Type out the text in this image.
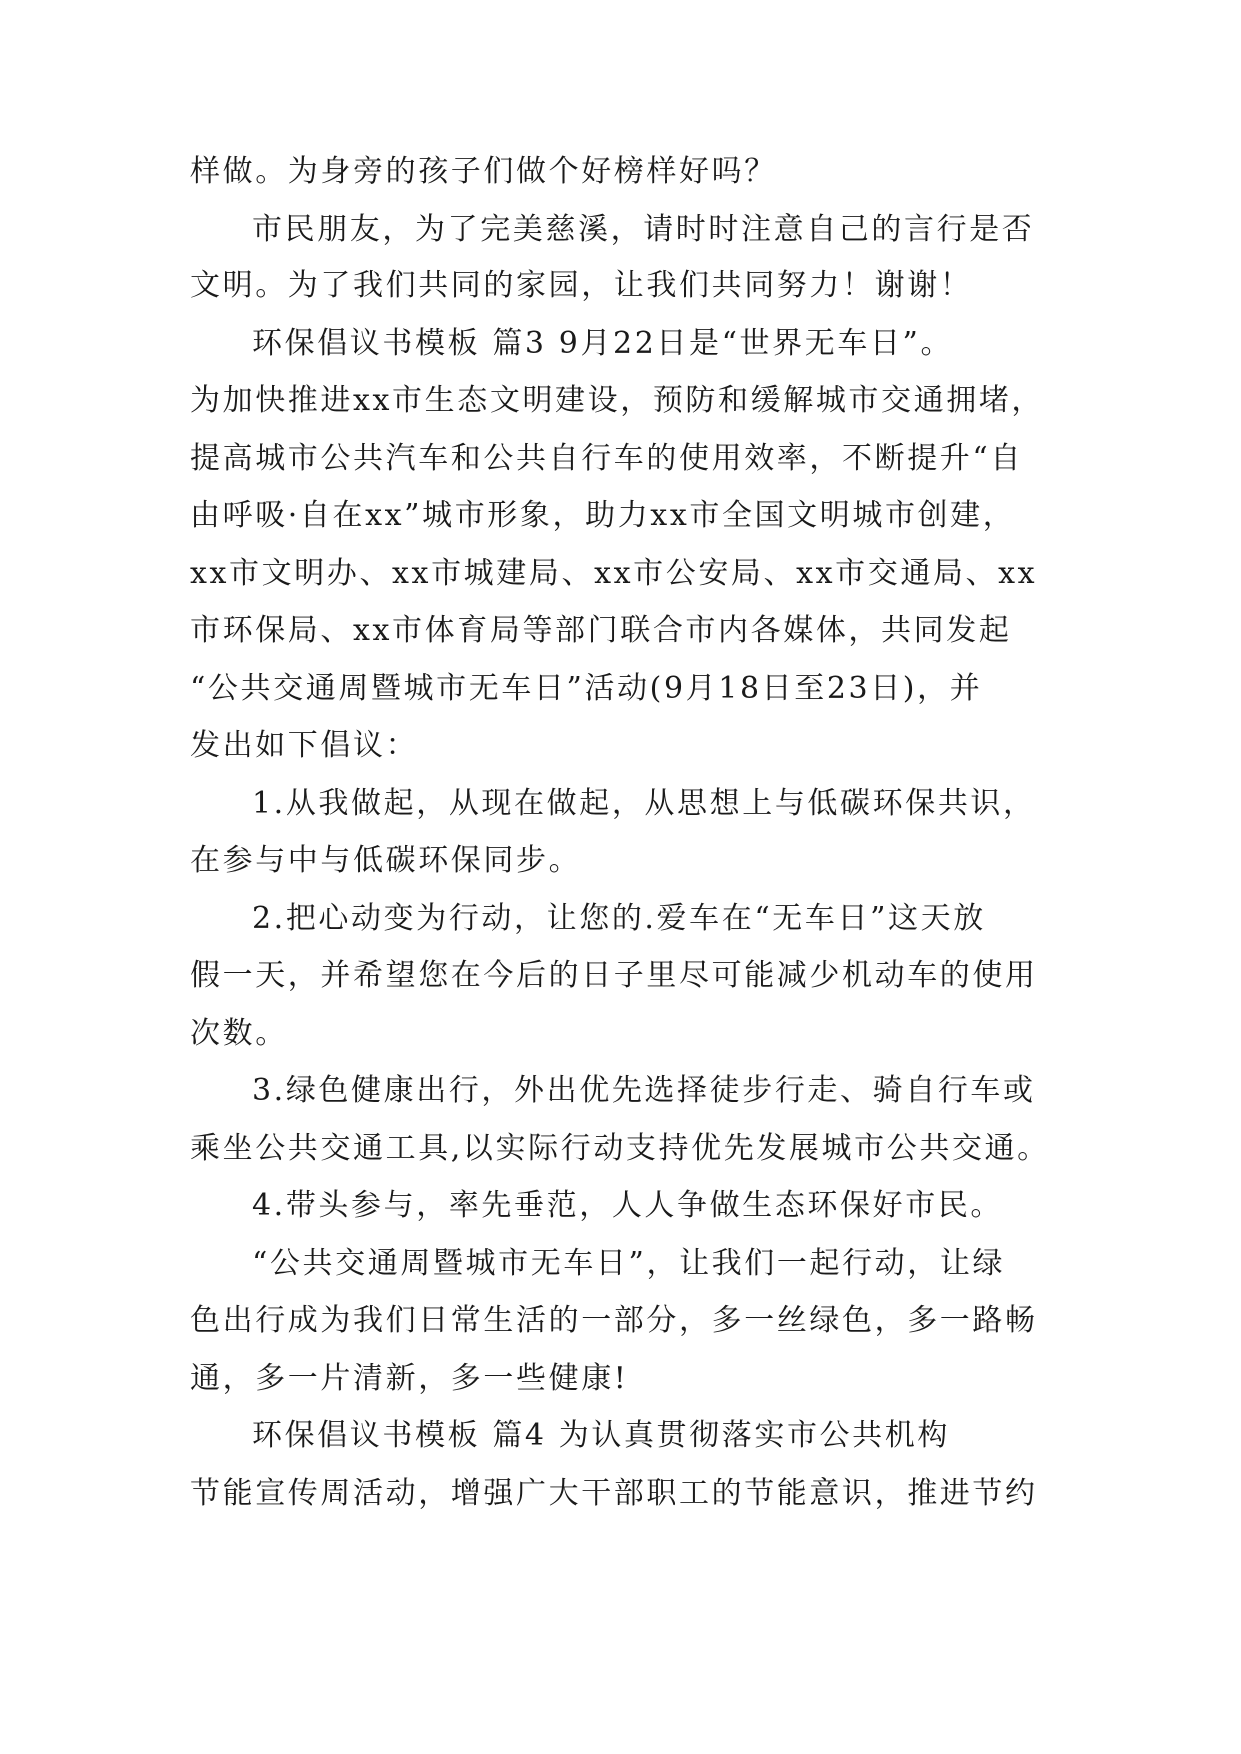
样做。为身旁的孩子们做个好榜样好吗？
市民朋友，为了完美慈溪，请时时注意自己的言行是否
文明。为了我们共同的家园，让我们共同努力！谢谢！
环保倡议书模板 篇3 9月22日是“世界无车日”。
为加快推进xx市生态文明建设，预防和缓解城市交通拥堵，
提高城市公共汽车和公共自行车的使用效率，不断提升“自
由呼吸·自在xx”城市形象，助力xx市全国文明城市创建，
xx市文明办、xx市城建局、xx市公安局、xx市交通局、xx
市环保局、xx市体育局等部门联合市内各媒体，共同发起
“公共交通周暨城市无车日”活动(9月18日至23日)，并
发出如下倡议：
1.从我做起，从现在做起，从思想上与低碳环保共识，
在参与中与低碳环保同步。
2.把心动变为行动，让您的.爱车在“无车日”这天放
假一天，并希望您在今后的日子里尽可能减少机动车的使用
次数。
3.绿色健康出行，外出优先选择徒步行走、骑自行车或
乘坐公共交通工具,以实际行动支持优先发展城市公共交通。
4.带头参与，率先垂范，人人争做生态环保好市民。
“公共交通周暨城市无车日”，让我们一起行动，让绿
色出行成为我们日常生活的一部分，多一丝绿色，多一路畅
通，多一片清新，多一些健康!
环保倡议书模板 篇4 为认真贯彻落实市公共机构
节能宣传周活动，增强广大干部职工的节能意识，推进节约
